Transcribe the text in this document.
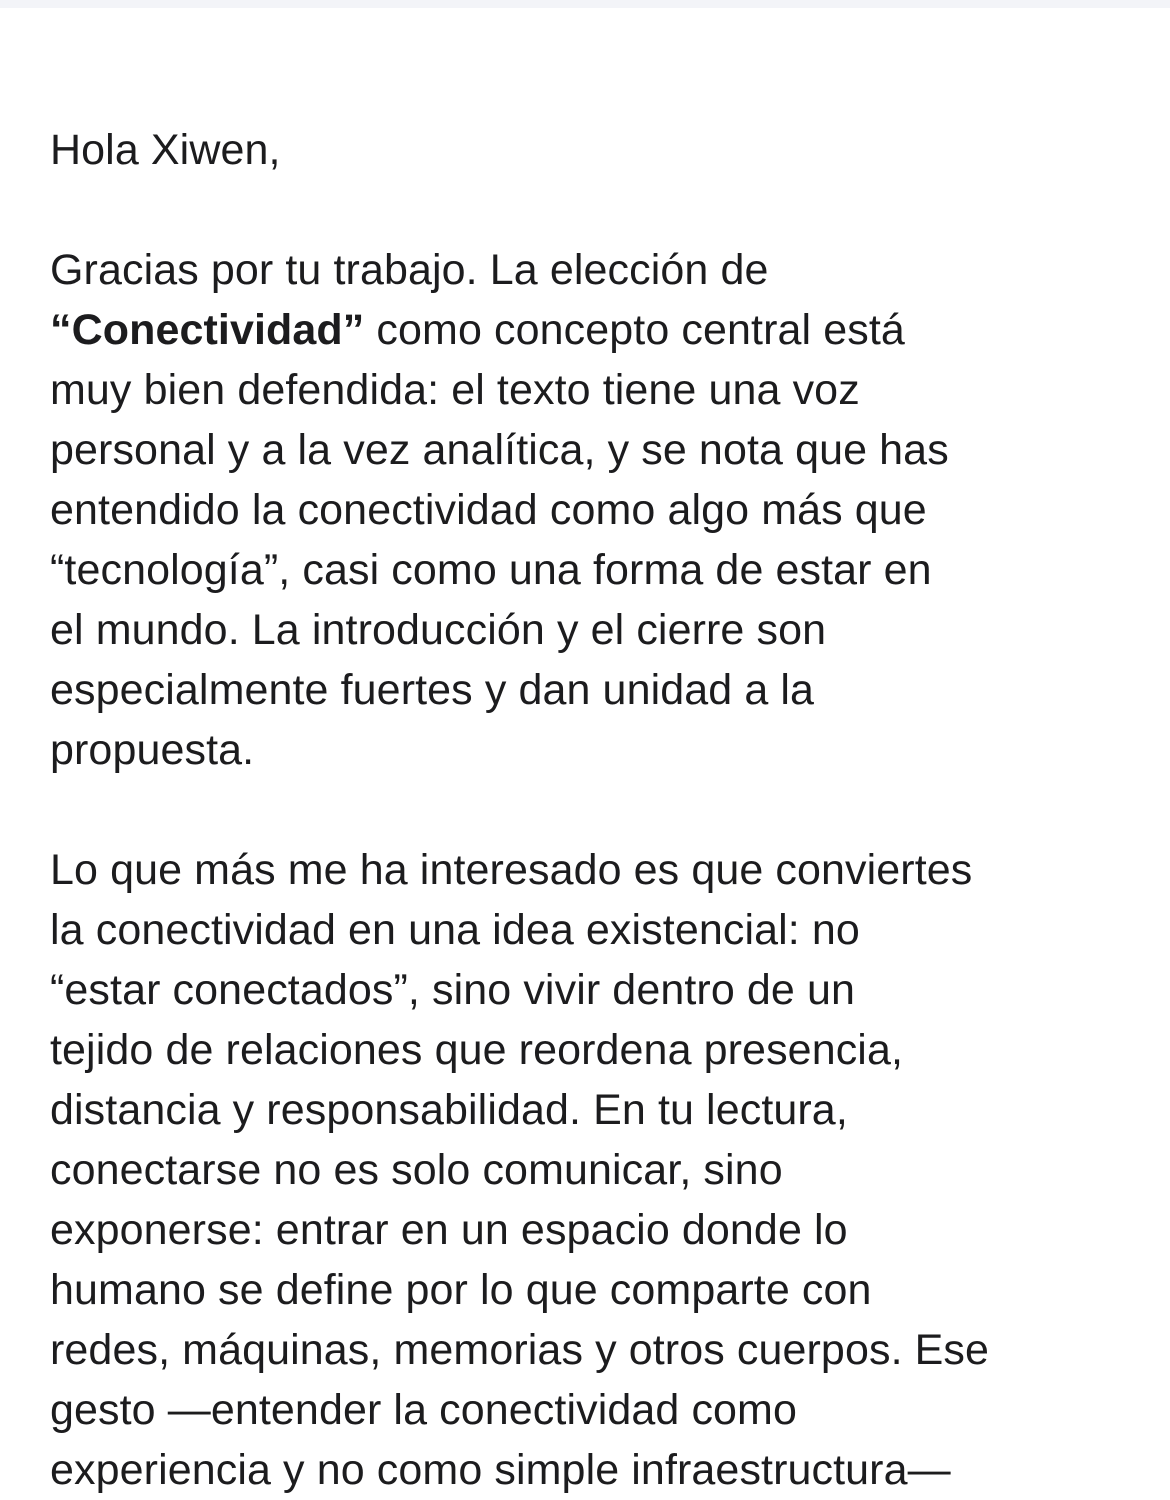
Hola Xiwen,
Gracias por tu trabajo. La elección de
“Conectividad” como concepto central está
muy bien defendida: el texto tiene una voz
personal y a la vez analítica, y se nota que has
entendido la conectividad como algo más que
“tecnología”, casi como una forma de estar en
el mundo. La introducción y el cierre son
especialmente fuertes y dan unidad a la
propuesta.
Lo que más me ha interesado es que conviertes
la conectividad en una idea existencial: no
“estar conectados”, sino vivir dentro de un
tejido de relaciones que reordena presencia,
distancia y responsabilidad. En tu lectura,
conectarse no es solo comunicar, sino
exponerse: entrar en un espacio donde lo
humano se define por lo que comparte con
redes, máquinas, memorias y otros cuerpos. Ese
gesto —entender la conectividad como
experiencia y no como simple infraestructura—
